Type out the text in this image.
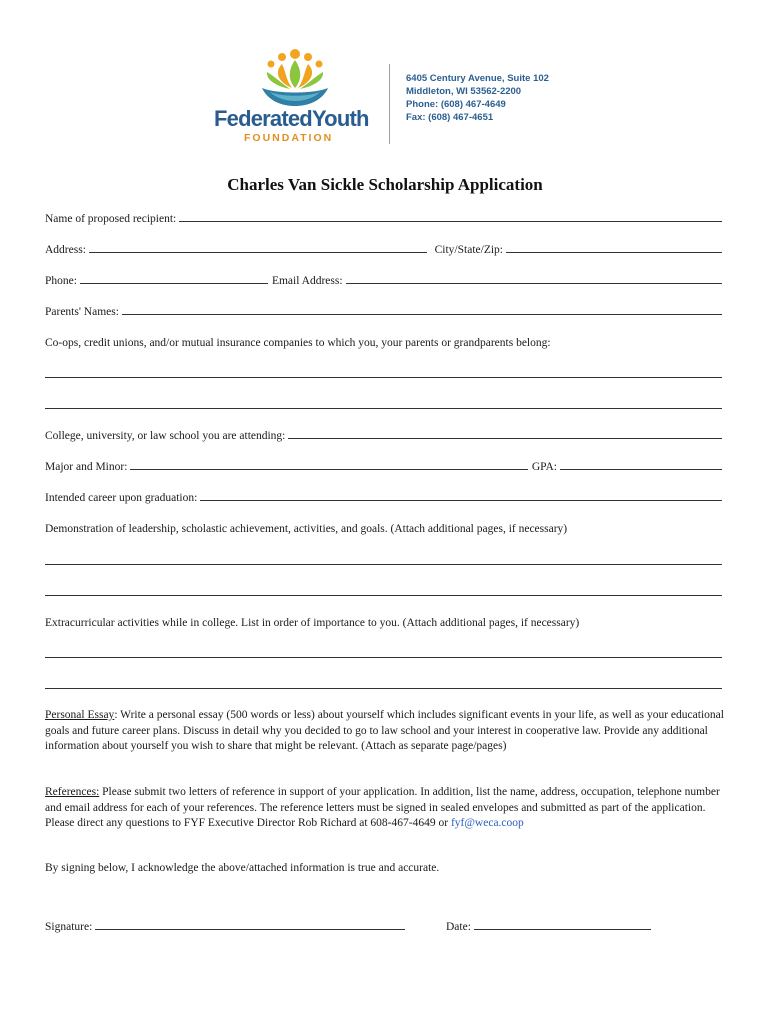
FederatedYouth
FOUNDATION
6405 Century Avenue, Suite 102
Middleton, WI 53562-2200
Phone: (608) 467-4649
Fax: (608) 467-4651
Charles Van Sickle Scholarship Application
Name of proposed recipient:
Address:	City/State/Zip:
Phone:	Email Address:
Parents' Names:
Co-ops, credit unions, and/or mutual insurance companies to which you, your parents or grandparents belong:
College, university, or law school you are attending:
Major and Minor:	GPA:
Intended career upon graduation:
Demonstration of leadership, scholastic achievement, activities, and goals. (Attach additional pages, if necessary)
Extracurricular activities while in college. List in order of importance to you. (Attach additional pages, if necessary)
Personal Essay: Write a personal essay (500 words or less) about yourself which includes significant events in your life, as well as your educational goals and future career plans. Discuss in detail why you decided to go to law school and your interest in cooperative law. Provide any additional information about yourself you wish to share that might be relevant. (Attach as separate page/pages)
References: Please submit two letters of reference in support of your application. In addition, list the name, address, occupation, telephone number and email address for each of your references. The reference letters must be signed in sealed envelopes and submitted as part of the application. Please direct any questions to FYF Executive Director Rob Richard at 608-467-4649 or fyf@weca.coop
By signing below, I acknowledge the above/attached information is true and accurate.
Signature:	Date:
